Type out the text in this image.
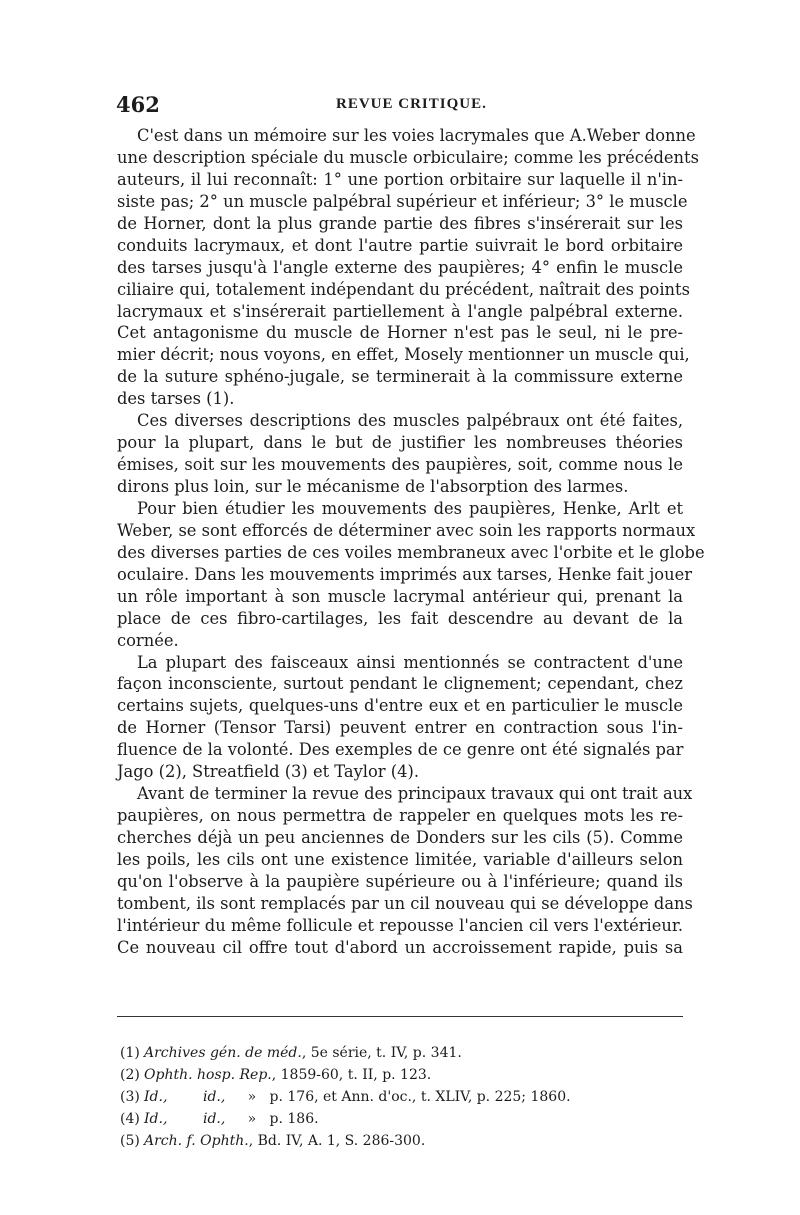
462	REVUE CRITIQUE.
C'est dans un mémoire sur les voies lacrymales que A.Weber donne
une description spéciale du muscle orbiculaire; comme les précédents
auteurs, il lui reconnaît: 1° une portion orbitaire sur laquelle il n'in-
siste pas; 2° un muscle palpébral supérieur et inférieur; 3° le muscle
de Horner, dont la plus grande partie des fibres s'insérerait sur les
conduits lacrymaux, et dont l'autre partie suivrait le bord orbitaire
des tarses jusqu'à l'angle externe des paupières; 4° enfin le muscle
ciliaire qui, totalement indépendant du précédent, naîtrait des points
lacrymaux et s'insérerait partiellement à l'angle palpébral externe.
Cet antagonisme du muscle de Horner n'est pas le seul, ni le pre-
mier décrit; nous voyons, en effet, Mosely mentionner un muscle qui,
de la suture sphéno-jugale, se terminerait à la commissure externe
des tarses (1).
Ces diverses descriptions des muscles palpébraux ont été faites,
pour la plupart, dans le but de justifier les nombreuses théories
émises, soit sur les mouvements des paupières, soit, comme nous le
dirons plus loin, sur le mécanisme de l'absorption des larmes.
Pour bien étudier les mouvements des paupières, Henke, Arlt et
Weber, se sont efforcés de déterminer avec soin les rapports normaux
des diverses parties de ces voiles membraneux avec l'orbite et le globe
oculaire. Dans les mouvements imprimés aux tarses, Henke fait jouer
un rôle important à son muscle lacrymal antérieur qui, prenant la
place de ces fibro-cartilages, les fait descendre au devant de la
cornée.
La plupart des faisceaux ainsi mentionnés se contractent d'une
façon inconsciente, surtout pendant le clignement; cependant, chez
certains sujets, quelques-uns d'entre eux et en particulier le muscle
de Horner (Tensor Tarsi) peuvent entrer en contraction sous l'in-
fluence de la volonté. Des exemples de ce genre ont été signalés par
Jago (2), Streatfield (3) et Taylor (4).
Avant de terminer la revue des principaux travaux qui ont trait aux
paupières, on nous permettra de rappeler en quelques mots les re-
cherches déjà un peu anciennes de Donders sur les cils (5). Comme
les poils, les cils ont une existence limitée, variable d'ailleurs selon
qu'on l'observe à la paupière supérieure ou à l'inférieure; quand ils
tombent, ils sont remplacés par un cil nouveau qui se développe dans
l'intérieur du même follicule et repousse l'ancien cil vers l'extérieur.
Ce nouveau cil offre tout d'abord un accroissement rapide, puis sa
(1) Archives gén. de méd., 5e série, t. IV, p. 341.
(2) Ophth. hosp. Rep., 1859-60, t. II, p. 123.
(3) Id.,        id.,     »   p. 176, et Ann. d'oc., t. XLIV, p. 225; 1860.
(4) Id.,        id.,     »   p. 186.
(5) Arch. f. Ophth., Bd. IV, A. 1, S. 286-300.
